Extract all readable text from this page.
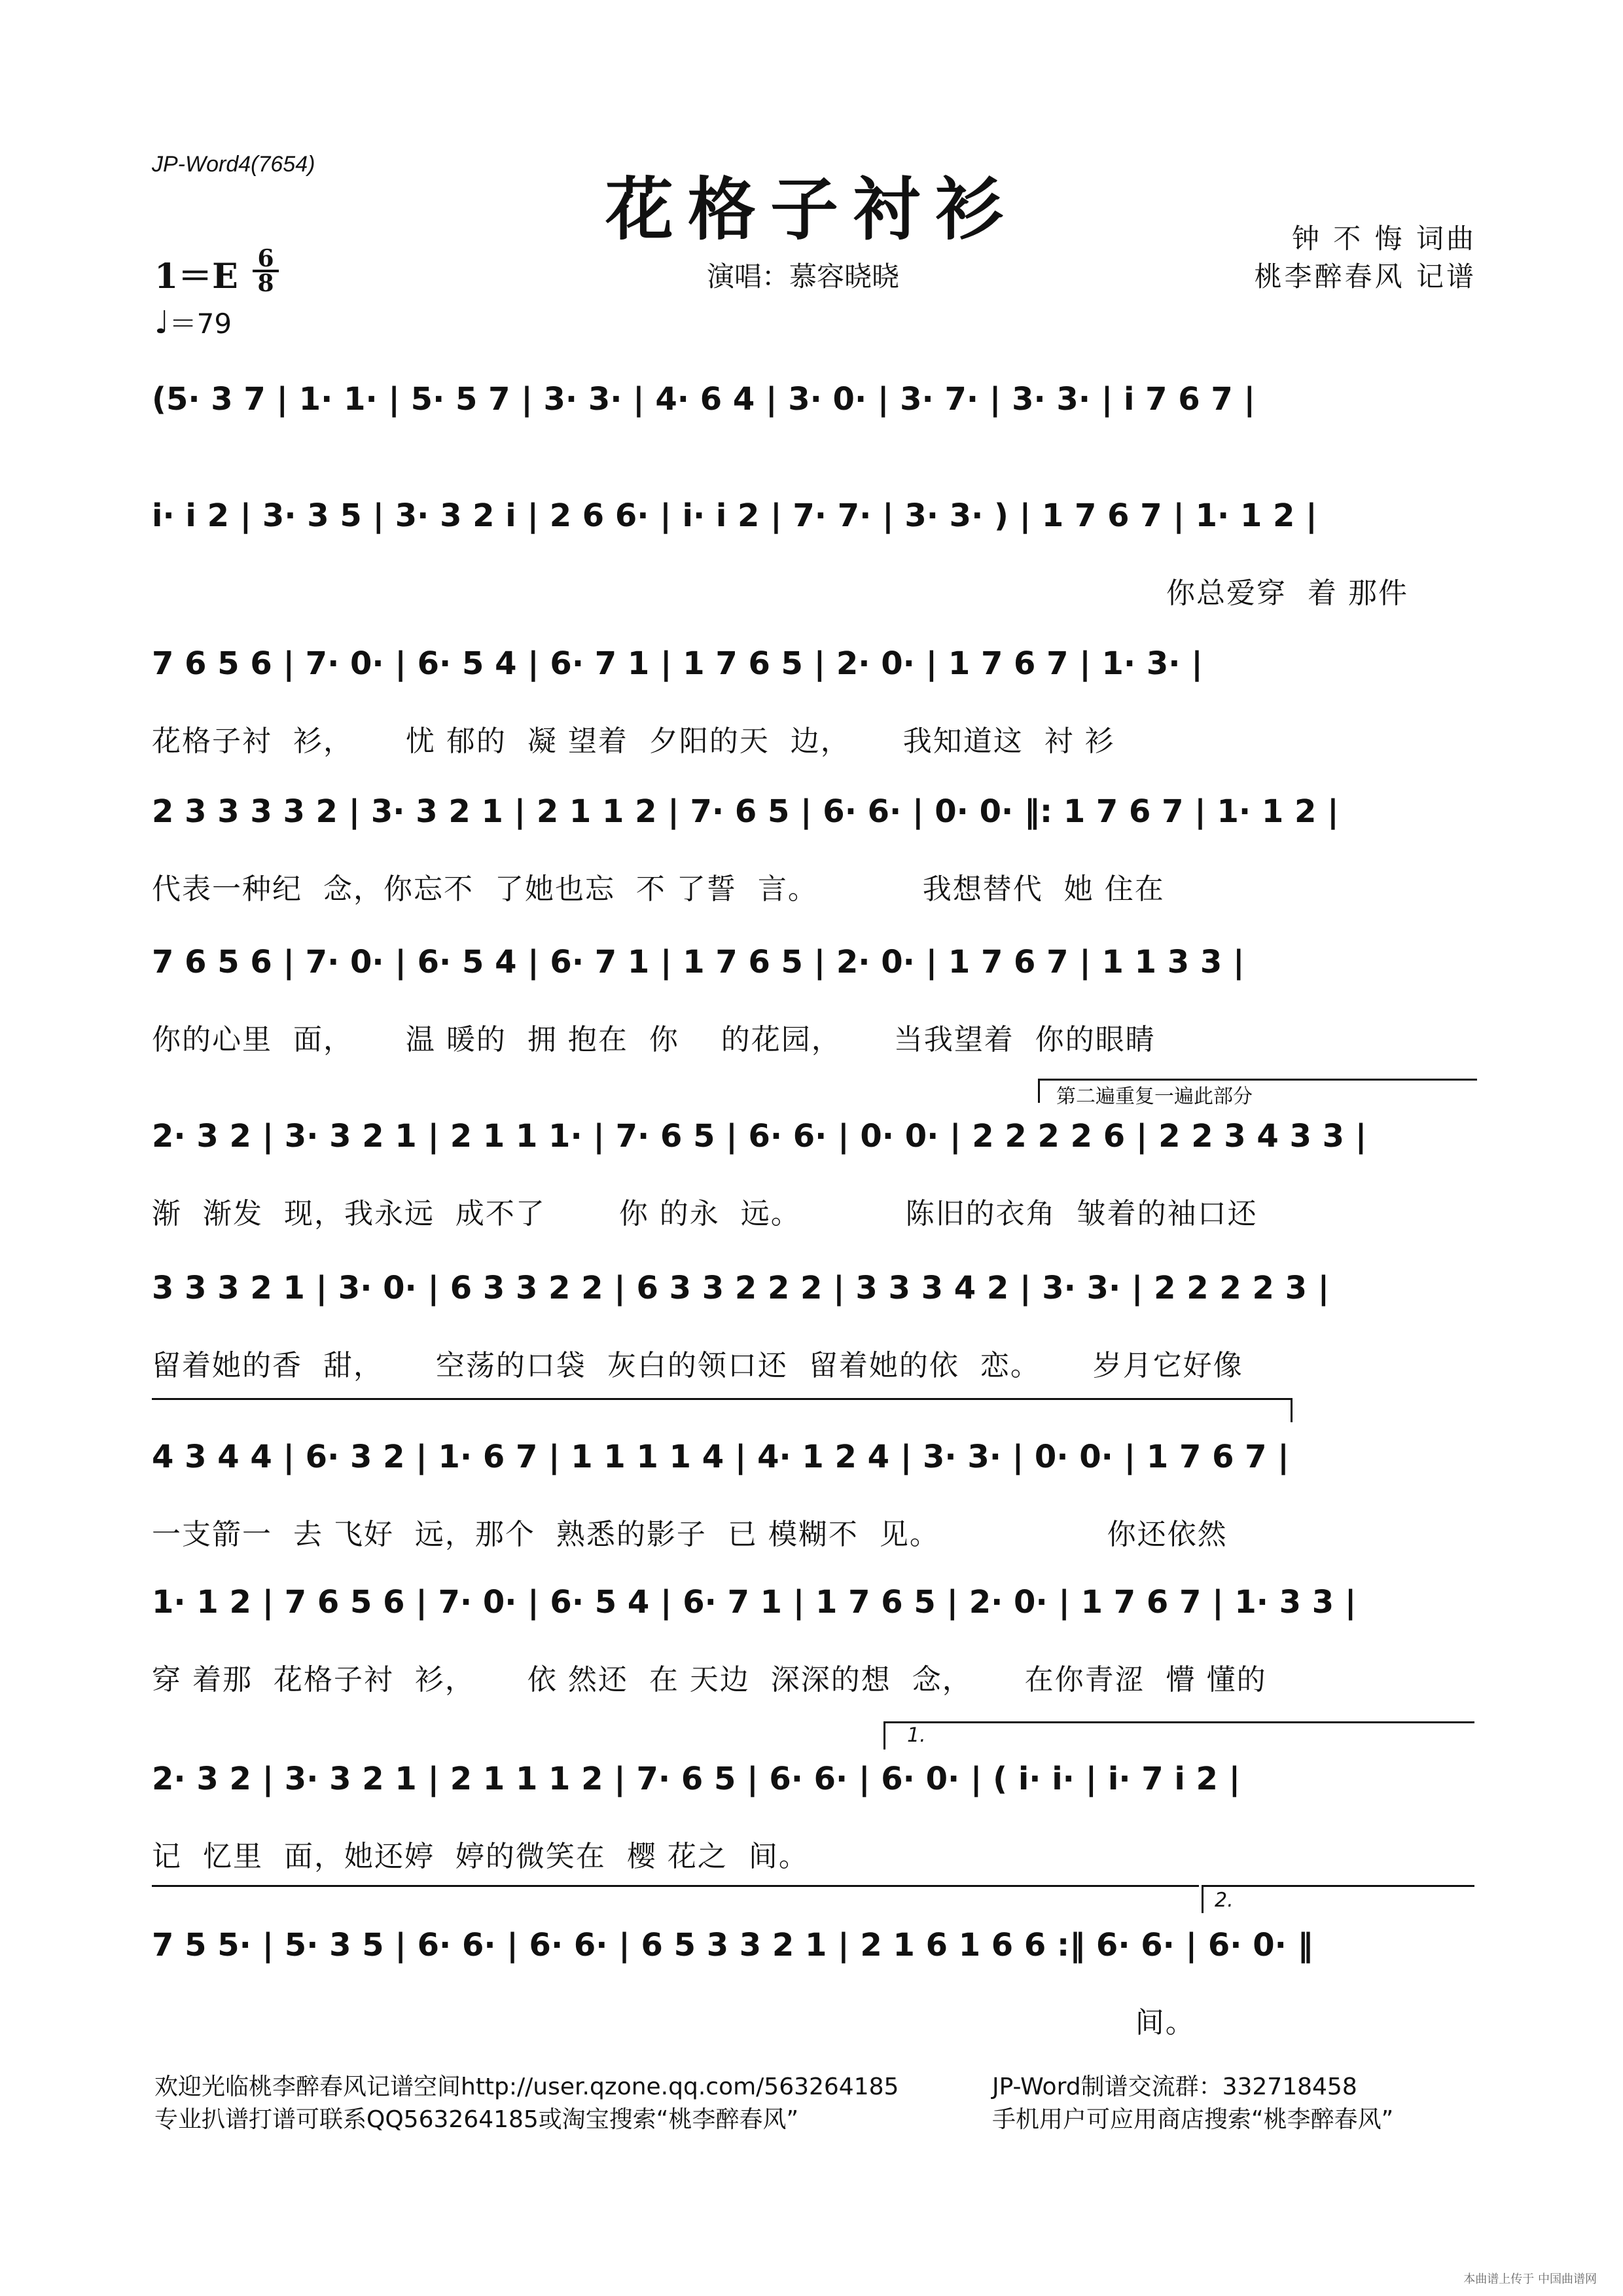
JP-Word4(7654)
花格子衬衫
演唱：慕容晓晓
钟 不 悔 词曲
桃李醉春风 记谱
$1=E \frac{6}{8}$
♩＝79
(5· 3 7 | 1· 1· | 5· 5 7 | 3· 3· | 4· 6 4 | 3· 0· | 3· 7· | 3· 3· | i 7 6 7 |
i· i 2 | 3· 3 5 | 3· 3 2 i | 2 6 6· | i· i 2 | 7· 7· | 3· 3· ) | 1 7 6 7 | 1· 1 2 |
你总爱穿  着 那件
7 6 5 6 | 7· 0· | 6· 5 4 | 6· 7 1 | 1 7 6 5 | 2· 0· | 1 7 6 7 | 1· 3· |
花格子衬  衫，     忧 郁的  凝 望着  夕阳的天  边，     我知道这  衬 衫
2 3 3 3 3 2 | 3· 3 2 1 | 2 1 1 2 | 7· 6 5 | 6· 6· | 0· 0· ‖: 1 7 6 7 | 1· 1 2 |
代表一种纪  念，你忘不  了她也忘  不 了誓  言。          我想替代  她 住在
7 6 5 6 | 7· 0· | 6· 5 4 | 6· 7 1 | 1 7 6 5 | 2· 0· | 1 7 6 7 | 1 1 3 3 |
你的心里  面，     温 暖的  拥 抱在  你    的花园，     当我望着  你的眼睛
第二遍重复一遍此部分
2· 3 2 | 3· 3 2 1 | 2 1 1 1· | 7· 6 5 | 6· 6· | 0· 0· | 2 2 2 2 6 | 2 2 3 4 3 3 |
渐  渐发  现，我永远  成不了       你 的永  远。          陈旧的衣角  皱着的袖口还
3 3 3 2 1 | 3· 0· | 6 3 3 2 2 | 6 3 3 2 2 2 | 3 3 3 4 2 | 3· 3· | 2 2 2 2 3 |
留着她的香  甜，     空荡的口袋  灰白的领口还  留着她的依  恋。     岁月它好像
4 3 4 4 | 6· 3 2 | 1· 6 7 | 1 1 1 1 4 | 4· 1 2 4 | 3· 3· | 0· 0· | 1 7 6 7 |
一支箭一  去 飞好  远，那个  熟悉的影子  已 模糊不  见。                你还依然
1· 1 2 | 7 6 5 6 | 7· 0· | 6· 5 4 | 6· 7 1 | 1 7 6 5 | 2· 0· | 1 7 6 7 | 1· 3 3 |
穿 着那  花格子衬  衫，     依 然还  在 天边  深深的想  念，     在你青涩  懵 懂的
1.
2· 3 2 | 3· 3 2 1 | 2 1 1 1 2 | 7· 6 5 | 6· 6· | 6· 0· | ( i· i· | i· 7 i 2 |
记  忆里  面，她还婷  婷的微笑在  樱 花之  间。
2.
7 5 5· | 5· 3 5 | 6· 6· | 6· 6· | 6 5 3 3 2 1 | 2 1 6 1 6 6 :‖ 6· 6· | 6· 0· ‖
间。
欢迎光临桃李醉春风记谱空间http://user.qzone.qq.com/563264185	JP-Word制谱交流群：332718458
专业扒谱打谱可联系QQ563264185或淘宝搜索“桃李醉春风”	手机用户可应用商店搜索“桃李醉春风”
本曲谱上传于 中国曲谱网
